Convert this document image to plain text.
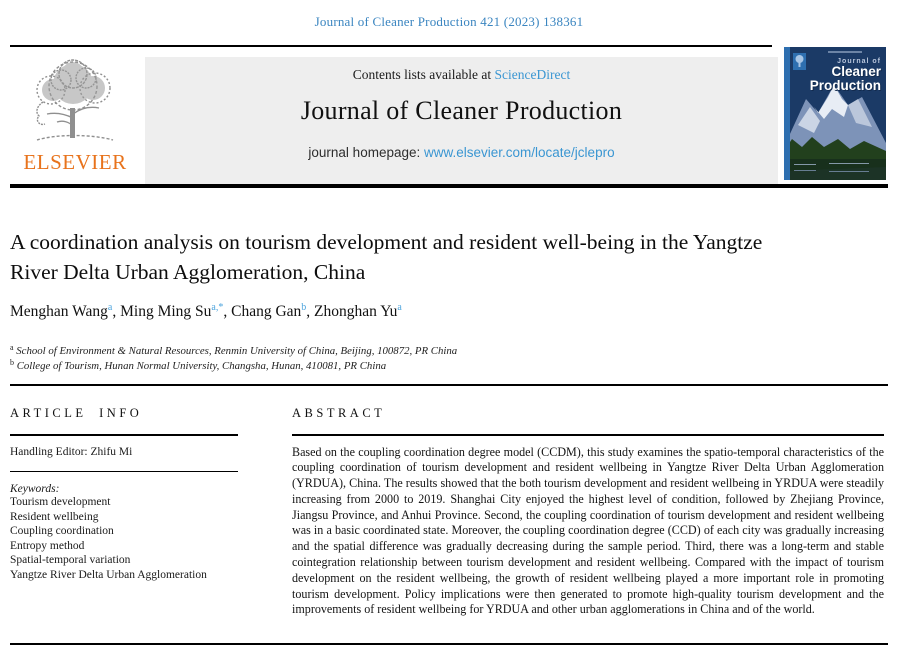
Journal of Cleaner Production 421 (2023) 138361
ELSEVIER
Contents lists available at ScienceDirect
Journal of Cleaner Production
journal homepage: www.elsevier.com/locate/jclepro
Journal of
Cleaner
Production
A coordination analysis on tourism development and resident well-being in the Yangtze River Delta Urban Agglomeration, China
Menghan Wang$^a$, Ming Ming $Su^{a,*}$, Chang Gan$^b$, Zhonghan Yu$^a$
$^a$ School of Environment & Natural Resources, Renmin University of China, Beijing, 100872, PR China
$^b$ College of Tourism, Hunan Normal University, Changsha, Hunan, 410081, PR China
ARTICLE INFO
Handling Editor: Zhifu Mi
Keywords:
Tourism development
Resident wellbeing
Coupling coordination
Entropy method
Spatial-temporal variation
Yangtze River Delta Urban Agglomeration
ABSTRACT
Based on the coupling coordination degree model (CCDM), this study examines the spatio-temporal characteristics of the coupling coordination of tourism development and resident wellbeing in Yangtze River Delta Urban Agglomeration (YRDUA), China. The results showed that the both tourism development and resident wellbeing in YRDUA were steadily increasing from 2000 to 2019. Shanghai City enjoyed the highest level of condition, followed by Zhejiang Province, Jiangsu Province, and Anhui Province. Second, the coupling coordination of tourism development and resident wellbeing was in a basic coordinated state. Moreover, the coupling coordination degree (CCD) of each city was gradually increasing and the spatial difference was gradually decreasing during the sample period. Third, there was a long-term and stable cointegration relationship between tourism development and resident wellbeing. Compared with the impact of tourism development on the resident wellbeing, the growth of resident wellbeing played a more important role in promoting tourism development. Policy implications were then generated to promote high-quality tourism development and the improvements of resident wellbeing for YRDUA and other urban agglomerations in China and of the world.
